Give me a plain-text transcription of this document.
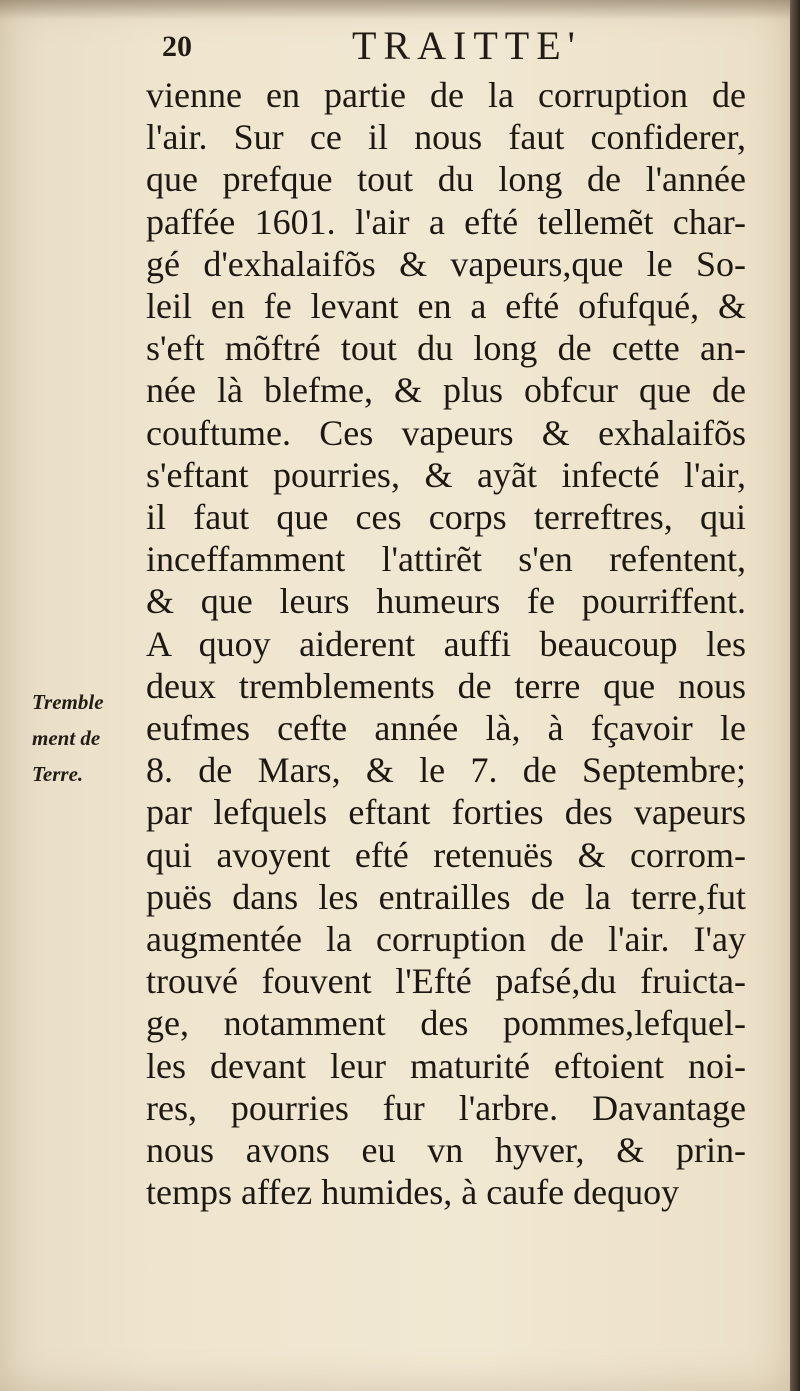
20	TRAITTE'
Tremble
ment de
Terre.
vienne en partie de la corruption de
l'air. Sur ce il nous faut confiderer,
que prefque tout du long de l'année
paffée 1601. l'air a efté tellemẽt char-
gé d'exhalaifõs & vapeurs,que le So-
leil en fe levant en a efté ofufqué, &
s'eft mõftré tout du long de cette an-
née là blefme, & plus obfcur que de
couftume. Ces vapeurs & exhalaifõs
s'eftant pourries, & ayãt infecté l'air,
il faut que ces corps terreftres, qui
inceffamment l'attirẽt s'en refentent,
& que leurs humeurs fe pourriffent.
A quoy aiderent auffi beaucoup les
deux tremblements de terre que nous
eufmes cefte année là, à fçavoir le
8. de Mars, & le 7. de Septembre;
par lefquels eftant forties des vapeurs
qui avoyent efté retenuës & corrom-
puës dans les entrailles de la terre,fut
augmentée la corruption de l'air. I'ay
trouvé fouvent l'Efté pafsé,du fruicta-
ge, notamment des pommes,lefquel-
les devant leur maturité eftoient noi-
res, pourries fur l'arbre. Davantage
nous avons eu vn hyver, & prin-
temps affez humides, à caufe dequoy
